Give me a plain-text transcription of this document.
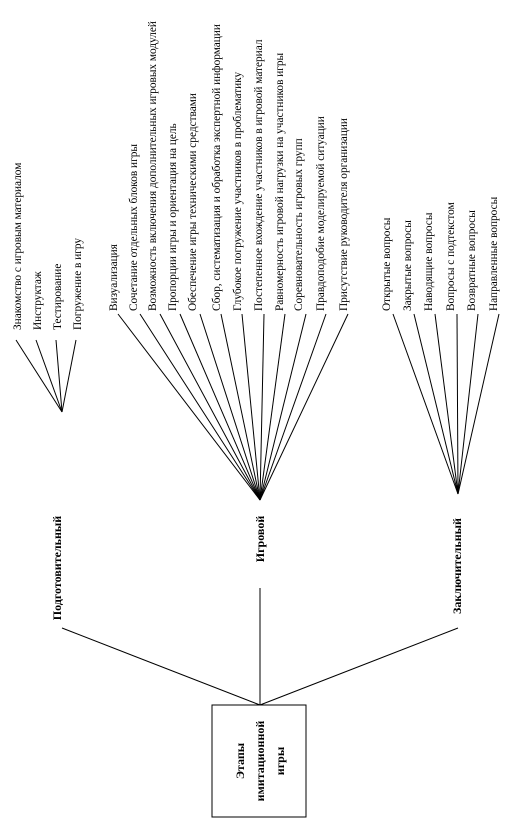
Этапы имитационной игры
Подготовительный	Игровой	Заключительный
Знакомство с игровым материалом Инструктаж Тестирование Погружение в игру Визуализация Сочетание отдельных блоков игры Возможность включения дополнительных игровых модулей Пропорции игры и ориентация на цель Обеспечение игры техническими средствами Сбор, систематизация и обработка экспертной информации Глубокое погружение участников в проблематику Постепенное вхождение участников в игровой материал Равномерность игровой нагрузки на участников игры Соревновательность игровых групп Правдоподобие моделируемой ситуации Присутствие руководителя организации	Открытые вопросы Закрытые вопросы Наводящие вопросы Вопросы с подтекстом Возвратные вопросы Направленные вопросы
